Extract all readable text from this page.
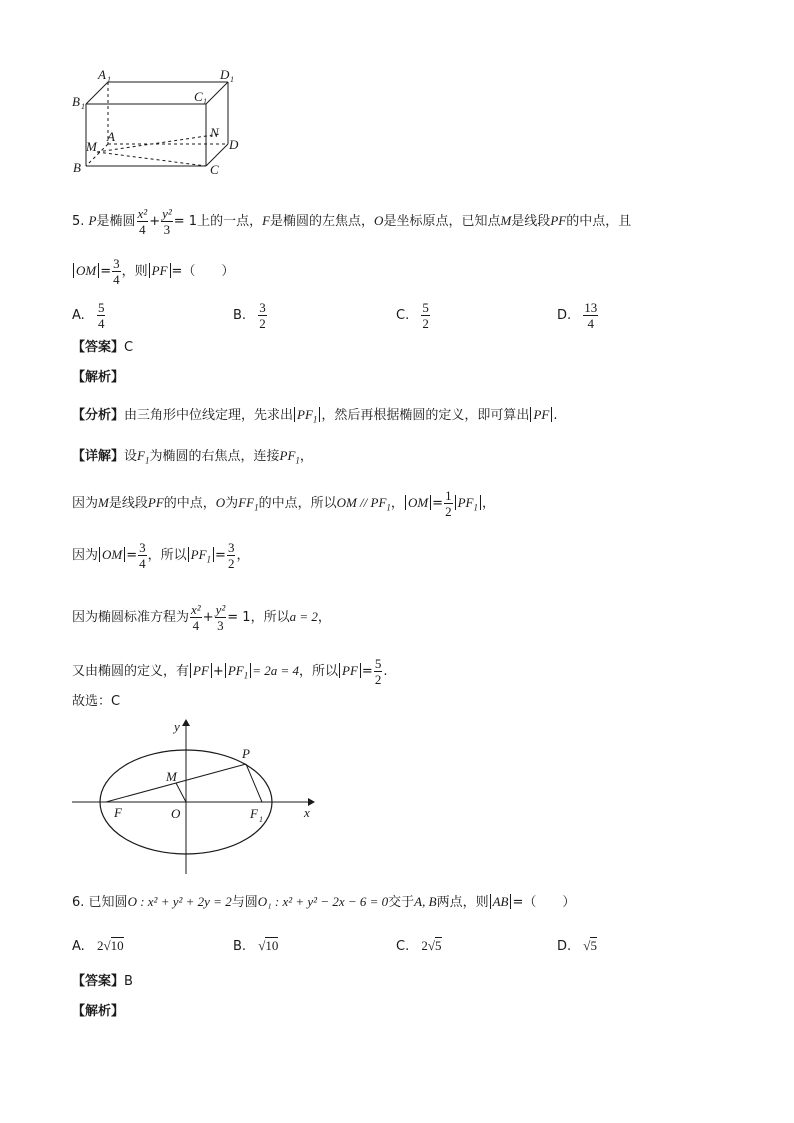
A 1	D 1
B 1
C 1
A	N
M	D
B	C
5. P是椭圆 $\frac{\text{x²}}{4} + \frac{\text{y²}}{3} = 1$上的一点，F是椭圆的左焦点，O是坐标原点，已知点M是线段PF的中点，且
OM = $\frac{3}{4}$ ，则 PF =（　　）
A. $\frac{5}{4}$	B. $\frac{3}{2}$	C. $\frac{5}{2}$	D. $\frac{13}{4}$
【答案】C
【解析】
【分析】由三角形中位线定理，先求出 $PF_1$ ，然后再根据椭圆的定义，即可算出 PF .
【详解】设$F_1$为椭圆的右焦点，连接$PF_1$，
因为M是线段PF的中点，O为$FF_1$的中点，所以OM // $PF_1$， OM = $\frac{1}{2} PF_1$ ，
因为 OM = $\frac{3}{4}$ ，所以 $PF_1 = \frac{3}{2}$ ，
因为椭圆标准方程为 $\frac{\text{x²}}{4} + \frac{\text{y²}}{3} = 1$，所以a = 2，
又由椭圆的定义，有 PF + $PF_1 = 2a = 4$，所以 PF = $\frac{5}{2}$ .
故选：C
y
x
P
M
F	O	F 1
6. 已知圆O : x² + y² + 2y = 2与圆O₁ : x² + y² − 2x − 6 = 0交于A, B两点，则 AB =（　　）
A. 2√10	B. √10	C. 2√5	D. √5
【答案】B
【解析】
